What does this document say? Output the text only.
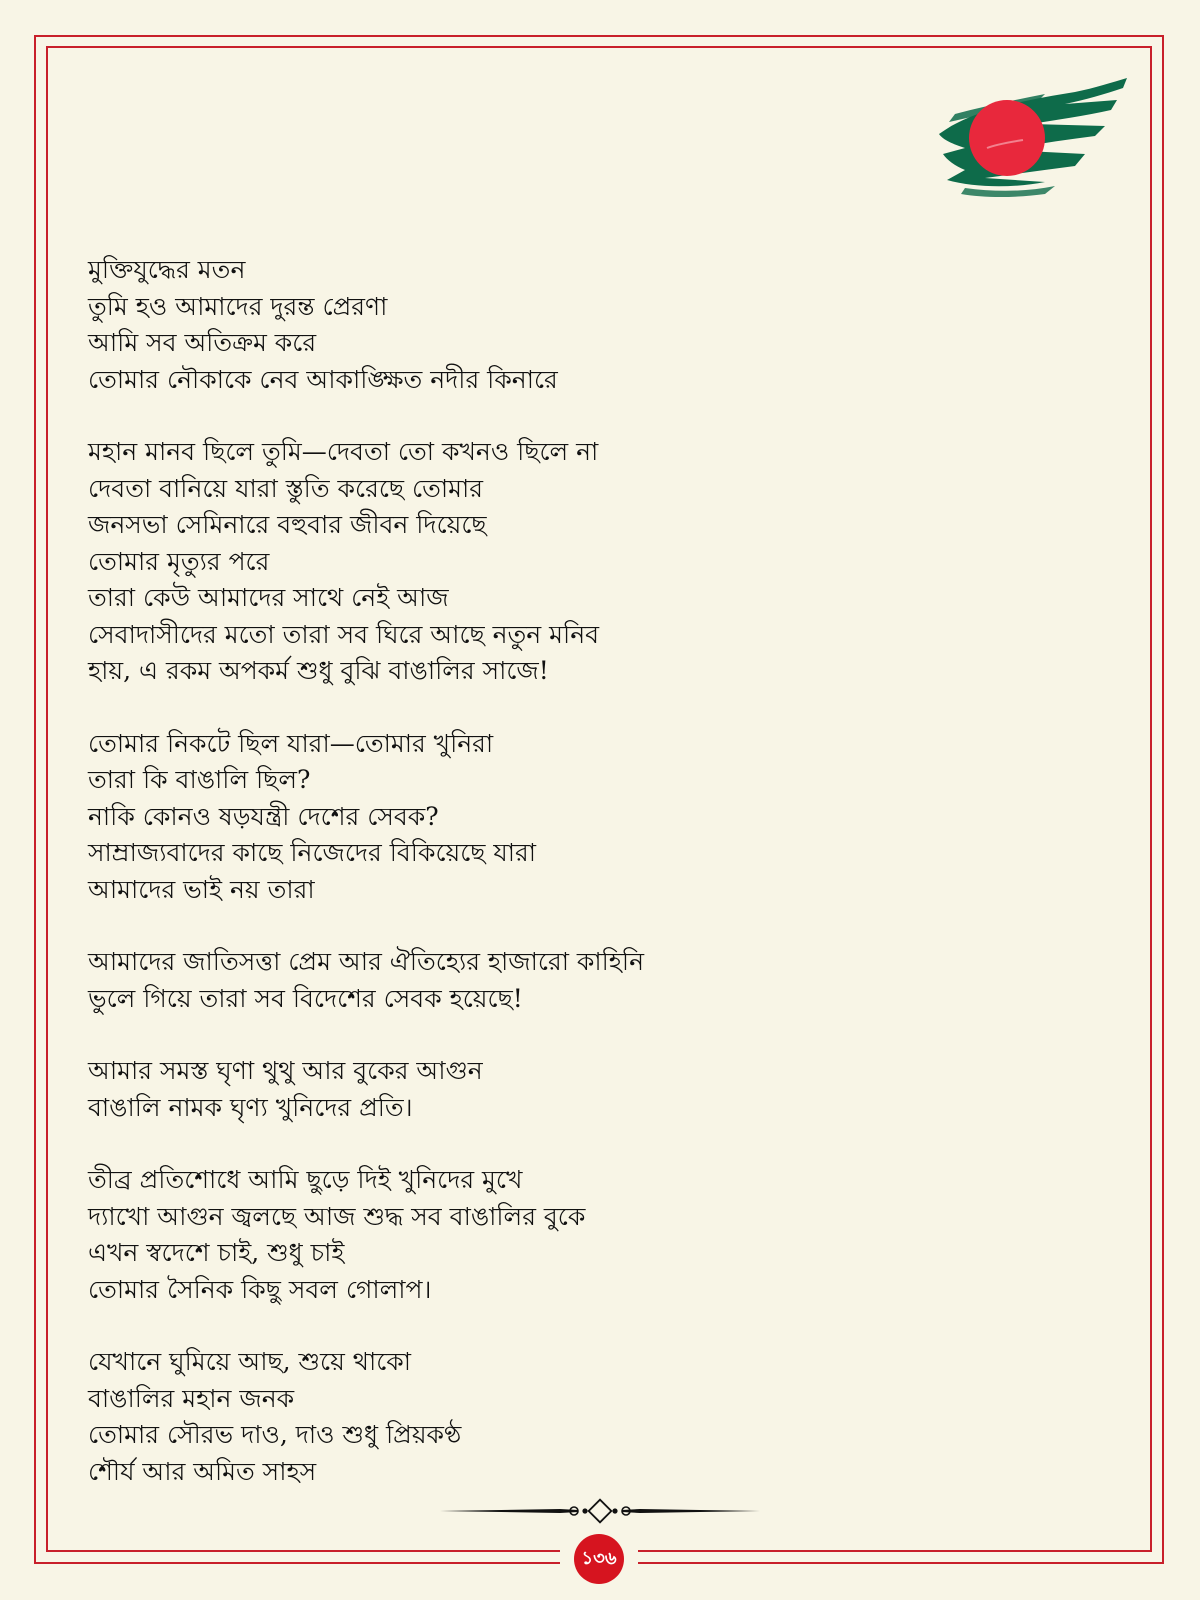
মুক্তিযুদ্ধের মতন
তুমি হও আমাদের দুরন্ত প্রেরণা
আমি সব অতিক্রম করে
তোমার নৌকাকে নেব আকাঙ্ক্ষিত নদীর কিনারে
মহান মানব ছিলে তুমি—দেবতা তো কখনও ছিলে না
দেবতা বানিয়ে যারা স্তুতি করেছে তোমার
জনসভা সেমিনারে বহুবার জীবন দিয়েছে
তোমার মৃত্যুর পরে
তারা কেউ আমাদের সাথে নেই আজ
সেবাদাসীদের মতো তারা সব ঘিরে আছে নতুন মনিব
হায়, এ রকম অপকর্ম শুধু বুঝি বাঙালির সাজে!
তোমার নিকটে ছিল যারা—তোমার খুনিরা
তারা কি বাঙালি ছিল?
নাকি কোনও ষড়যন্ত্রী দেশের সেবক?
সাম্রাজ্যবাদের কাছে নিজেদের বিকিয়েছে যারা
আমাদের ভাই নয় তারা
আমাদের জাতিসত্তা প্রেম আর ঐতিহ্যের হাজারো কাহিনি
ভুলে গিয়ে তারা সব বিদেশের সেবক হয়েছে!
আমার সমস্ত ঘৃণা থুথু আর বুকের আগুন
বাঙালি নামক ঘৃণ্য খুনিদের প্রতি।
তীব্র প্রতিশোধে আমি ছুড়ে দিই খুনিদের মুখে
দ্যাখো আগুন জ্বলছে আজ শুদ্ধ সব বাঙালির বুকে
এখন স্বদেশে চাই, শুধু চাই
তোমার সৈনিক কিছু সবল গোলাপ।
যেখানে ঘুমিয়ে আছ, শুয়ে থাকো
বাঙালির মহান জনক
তোমার সৌরভ দাও, দাও শুধু প্রিয়কণ্ঠ
শৌর্য আর অমিত সাহস
১৩৬
